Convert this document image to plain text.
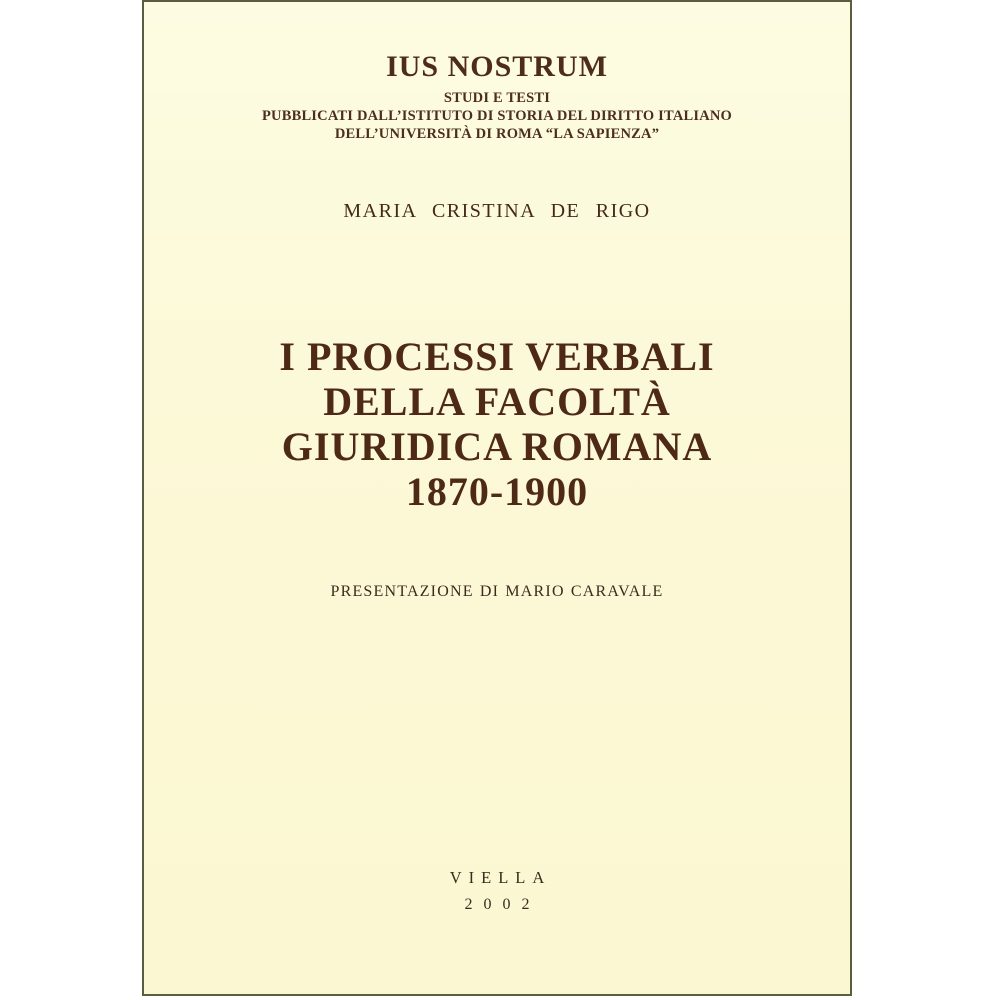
IUS NOSTRUM
STUDI E TESTI
PUBBLICATI DALL’ISTITUTO DI STORIA DEL DIRITTO ITALIANO
DELL’UNIVERSITÀ DI ROMA “LA SAPIENZA”
MARIA CRISTINA DE RIGO
I PROCESSI VERBALI
DELLA FACOLTÀ
GIURIDICA ROMANA
1870-1900
PRESENTAZIONE DI MARIO CARAVALE
VIELLA
2002
